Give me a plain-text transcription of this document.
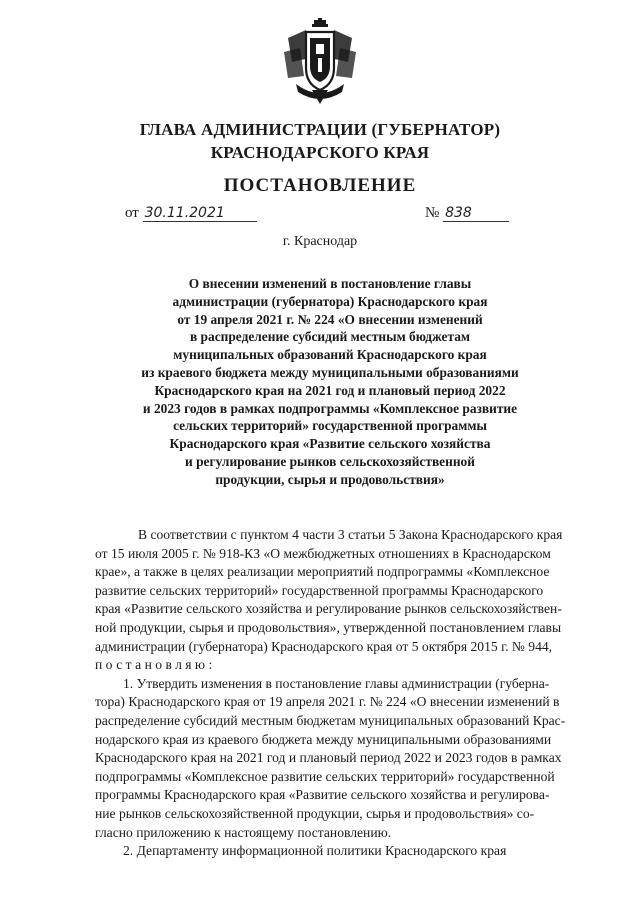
ГЛАВА АДМИНИСТРАЦИИ (ГУБЕРНАТОР)
КРАСНОДАРСКОГО КРАЯ
ПОСТАНОВЛЕНИЕ
от 30.11.2021	№ 838
г. Краснодар
О внесении изменений в постановление главы
администрации (губернатора) Краснодарского края
от 19 апреля 2021 г. № 224 «О внесении изменений
в распределение субсидий местным бюджетам
муниципальных образований Краснодарского края
из краевого бюджета между муниципальными образованиями
Краснодарского края на 2021 год и плановый период 2022
и 2023 годов в рамках подпрограммы «Комплексное развитие
сельских территорий» государственной программы
Краснодарского края «Развитие сельского хозяйства
и регулирование рынков сельскохозяйственной
продукции, сырья и продовольствия»
В соответствии с пунктом 4 части 3 статьи 5 Закона Краснодарского края
от 15 июля 2005 г. № 918-КЗ «О межбюджетных отношениях в Краснодарском
крае», а также в целях реализации мероприятий подпрограммы «Комплексное
развитие сельских территорий» государственной программы Краснодарского
края «Развитие сельского хозяйства и регулирование рынков сельскохозяйствен-
ной продукции, сырья и продовольствия», утвержденной постановлением главы
администрации (губернатора) Краснодарского края от 5 октября 2015 г. № 944,
постановляю:
1. Утвердить изменения в постановление главы администрации (губерна-
тора) Краснодарского края от 19 апреля 2021 г. № 224 «О внесении изменений в
распределение субсидий местным бюджетам муниципальных образований Крас-
нодарского края из краевого бюджета между муниципальными образованиями
Краснодарского края на 2021 год и плановый период 2022 и 2023 годов в рамках
подпрограммы «Комплексное развитие сельских территорий» государственной
программы Краснодарского края «Развитие сельского хозяйства и регулирова-
ние рынков сельскохозяйственной продукции, сырья и продовольствия» со-
гласно приложению к настоящему постановлению.
2. Департаменту информационной политики Краснодарского края
